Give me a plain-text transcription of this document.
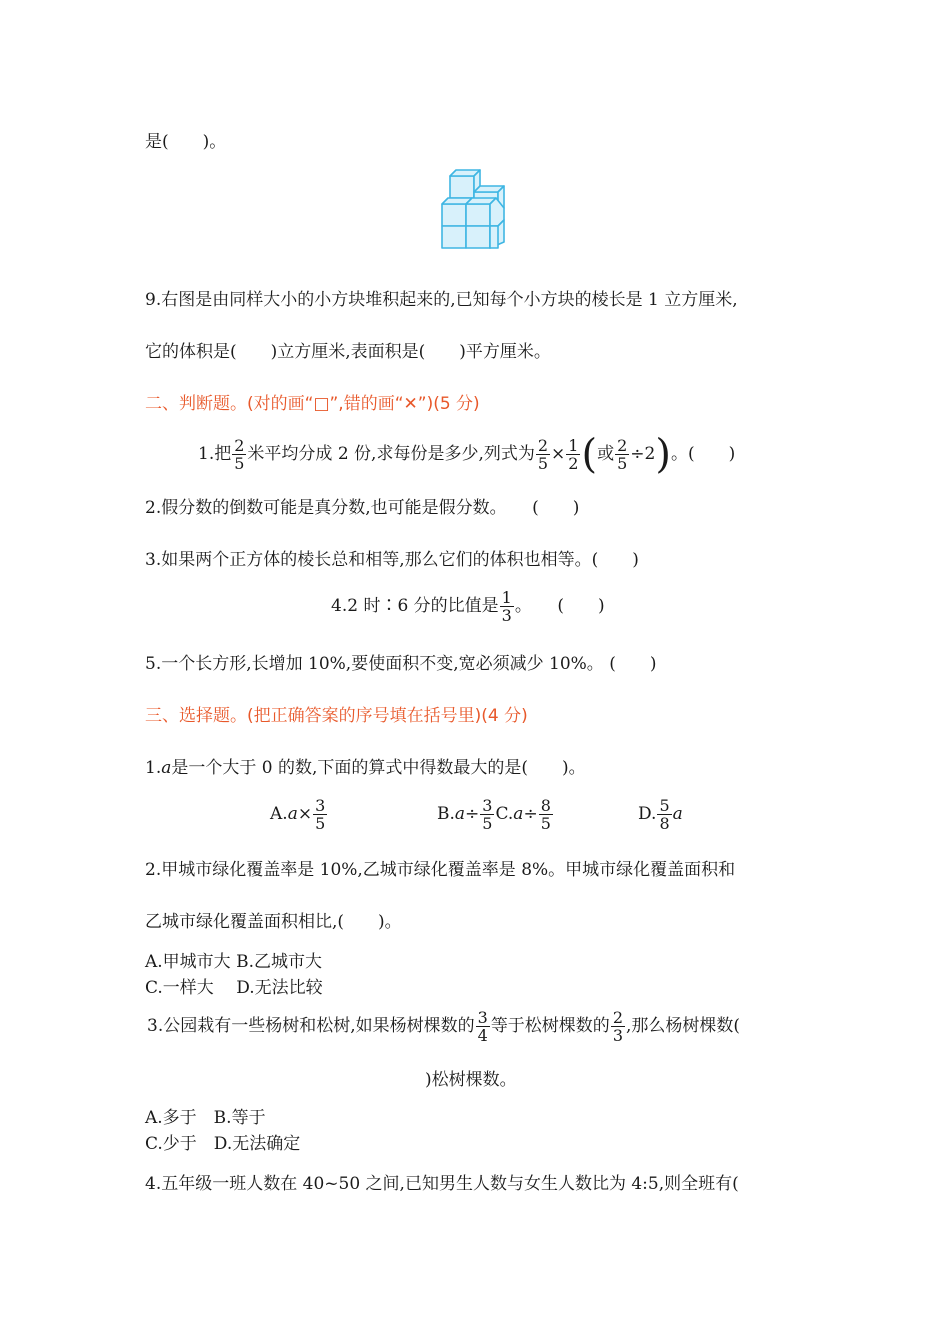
是(　　)。
9.右图是由同样大小的小方块堆积起来的,已知每个小方块的棱长是 1 立方厘米,
它的体积是(　　)立方厘米,表面积是(　　)平方厘米。
二、判断题。(对的画“□”,错的画“✕”)(5 分)
1.把 $\frac{2}{5}$ 米平均分成 2 份,求每份是多少,列式为 $\frac{2}{5} \times \frac{1}{2}$ (或 $\frac{2}{5} \div 2$)。(　　)
2.假分数的倒数可能是真分数,也可能是假分数。　　(　　)
3.如果两个正方体的棱长总和相等,那么它们的体积也相等。(　　)
4.2 时∶6 分的比值是 $\frac{1}{3}$ 。　　(　　)
5.一个长方形,长增加 10%,要使面积不变,宽必须减少 10%。 (　　)
三、选择题。(把正确答案的序号填在括号里)(4 分)
1.a是一个大于 0 的数,下面的算式中得数最大的是(　　)。
$A.a\times \frac{3}{5}$	$B.a\div \frac{3}{5} C.a\div \frac{8}{5}$	D. $\frac{5}{8}$ a
2.甲城市绿化覆盖率是 10%,乙城市绿化覆盖率是 8%。甲城市绿化覆盖面积和
乙城市绿化覆盖面积相比,(　　)。
A.甲城市大 B.乙城市大
C.一样大　 D.无法比较
3.公园栽有一些杨树和松树,如果杨树棵数的 $\frac{3}{4}$ 等于松树棵数的 $\frac{2}{3}$ ,那么杨树棵数(
)松树棵数。
A.多于　B.等于
C.少于　D.无法确定
4.五年级一班人数在 40~50 之间,已知男生人数与女生人数比为 4:5,则全班有(
